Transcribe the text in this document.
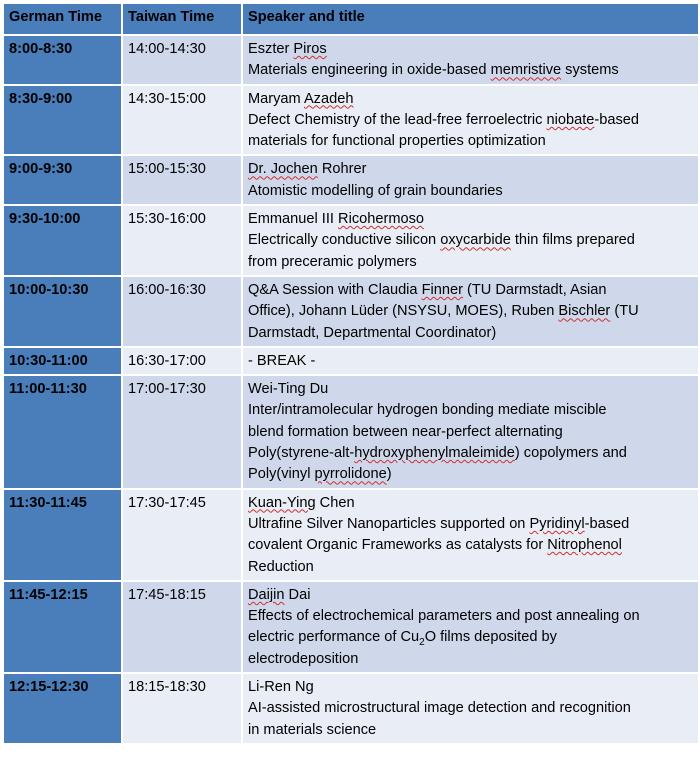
German Time	Taiwan Time	Speaker and title
8:00-8:30	14:00-14:30	Eszter Piros
Materials engineering in oxide-based memristive systems

8:30-9:00	14:30-15:00	Maryam Azadeh
Defect Chemistry of the lead-free ferroelectric niobate-based
materials for functional properties optimization

9:00-9:30	15:00-15:30	Dr. Jochen Rohrer
Atomistic modelling of grain boundaries

9:30-10:00	15:30-16:00	Emmanuel III Ricohermoso
Electrically conductive silicon oxycarbide thin films prepared
from preceramic polymers

10:00-10:30	16:00-16:30	Q&A Session with Claudia Finner (TU Darmstadt, Asian
Office), Johann Lüder (NSYSU, MOES), Ruben Bischler (TU
Darmstadt, Departmental Coordinator)

10:30-11:00	16:30-17:00	- BREAK -

11:00-11:30	17:00-17:30	Wei-Ting Du
Inter/intramolecular hydrogen bonding mediate miscible
blend formation between near-perfect alternating
Poly(styrene-alt-hydroxyphenylmaleimide) copolymers and
Poly(vinyl pyrrolidone)

11:30-11:45	17:30-17:45	Kuan-Ying Chen
Ultrafine Silver Nanoparticles supported on Pyridinyl-based
covalent Organic Frameworks as catalysts for Nitrophenol
Reduction

11:45-12:15	17:45-18:15	Daijin Dai
Effects of electrochemical parameters and post annealing on
electric performance of $Cu_2O$ films deposited by
electrodeposition

12:15-12:30	18:15-18:30	Li-Ren Ng
AI-assisted microstructural image detection and recognition
in materials science
